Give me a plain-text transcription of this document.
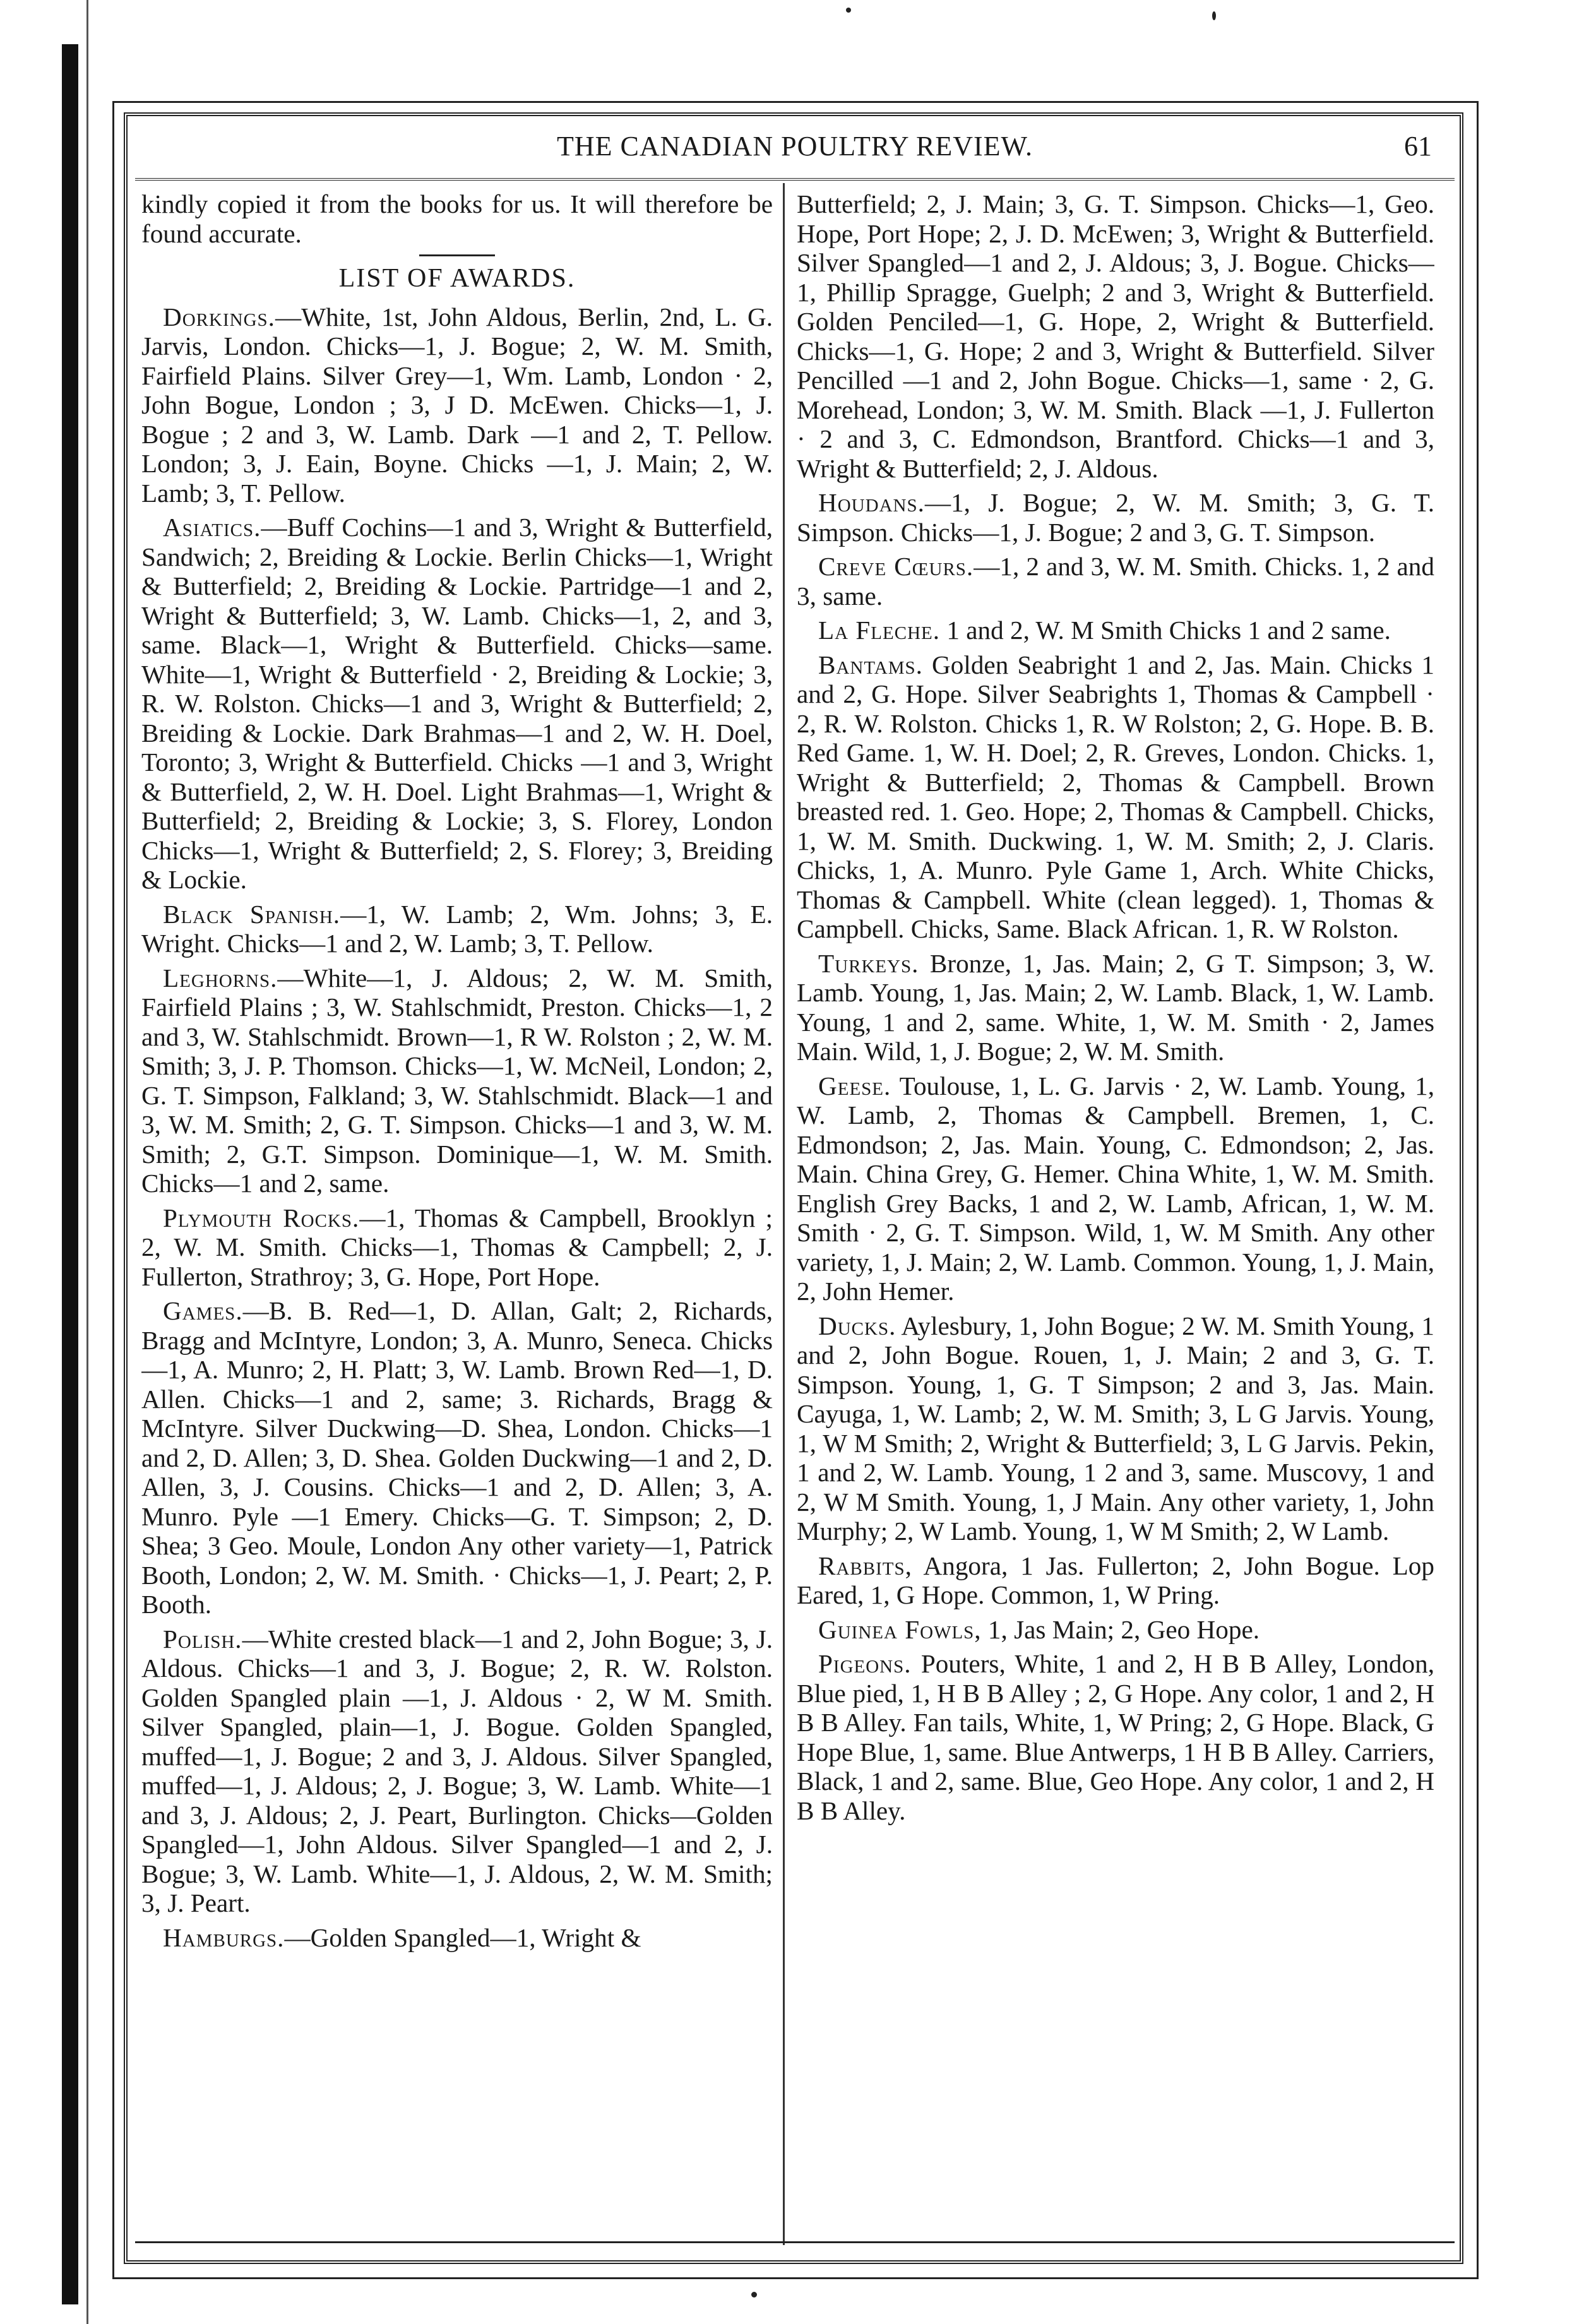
THE CANADIAN POULTRY REVIEW.	61

kindly copied it from the books for us. It will therefore be found accurate.

LIST OF AWARDS.

Dorkings.—White, 1st, John Aldous, Berlin, 2nd, L. G. Jarvis, London. Chicks—1, J. Bogue; 2, W. M. Smith, Fairfield Plains. Silver Grey—1, Wm. Lamb, London · 2, John Bogue, London ; 3, J D. McEwen. Chicks—1, J. Bogue ; 2 and 3, W. Lamb. Dark —1 and 2, T. Pellow. London; 3, J. Eain, Boyne. Chicks —1, J. Main; 2, W. Lamb; 3, T. Pellow.

Asiatics.—Buff Cochins—1 and 3, Wright & Butterfield, Sandwich; 2, Breiding & Lockie. Berlin Chicks—1, Wright & Butterfield; 2, Breiding & Lockie. Partridge—1 and 2, Wright & Butterfield; 3, W. Lamb. Chicks—1, 2, and 3, same. Black—1, Wright & Butterfield. Chicks—same. White—1, Wright & Butterfield · 2, Breiding & Lockie; 3, R. W. Rolston. Chicks—1 and 3, Wright & Butterfield; 2, Breiding & Lockie. Dark Brahmas—1 and 2, W. H. Doel, Toronto; 3, Wright & Butterfield. Chicks —1 and 3, Wright & Butterfield, 2, W. H. Doel. Light Brahmas—1, Wright & Butterfield; 2, Breiding & Lockie; 3, S. Florey, London Chicks—1, Wright & Butterfield; 2, S. Florey; 3, Breiding & Lockie.

Black Spanish.—1, W. Lamb; 2, Wm. Johns; 3, E. Wright. Chicks—1 and 2, W. Lamb; 3, T. Pellow.

Leghorns.—White—1, J. Aldous; 2, W. M. Smith, Fairfield Plains ; 3, W. Stahlschmidt, Preston. Chicks—1, 2 and 3, W. Stahlschmidt. Brown—1, R W. Rolston ; 2, W. M. Smith; 3, J. P. Thomson. Chicks—1, W. McNeil, London; 2, G. T. Simpson, Falkland; 3, W. Stahlschmidt. Black—1 and 3, W. M. Smith; 2, G. T. Simpson. Chicks—1 and 3, W. M. Smith; 2, G.T. Simpson. Dominique—1, W. M. Smith. Chicks—1 and 2, same.

Plymouth Rocks.—1, Thomas & Campbell, Brooklyn ; 2, W. M. Smith. Chicks—1, Thomas & Campbell; 2, J. Fullerton, Strathroy; 3, G. Hope, Port Hope.

Games.—B. B. Red—1, D. Allan, Galt; 2, Richards, Bragg and McIntyre, London; 3, A. Munro, Seneca. Chicks—1, A. Munro; 2, H. Platt; 3, W. Lamb. Brown Red—1, D. Allen. Chicks—1 and 2, same; 3. Richards, Bragg & McIntyre. Silver Duckwing—D. Shea, London. Chicks—1 and 2, D. Allen; 3, D. Shea. Golden Duckwing—1 and 2, D. Allen, 3, J. Cousins. Chicks—1 and 2, D. Allen; 3, A. Munro. Pyle —1 Emery. Chicks—G. T. Simpson; 2, D. Shea; 3 Geo. Moule, London Any other variety—1, Patrick Booth, London; 2, W. M. Smith. · Chicks—1, J. Peart; 2, P. Booth.

Polish.—White crested black—1 and 2, John Bogue; 3, J. Aldous. Chicks—1 and 3, J. Bogue; 2, R. W. Rolston. Golden Spangled plain —1, J. Aldous · 2, W M. Smith. Silver Spangled, plain—1, J. Bogue. Golden Spangled, muffed—1, J. Bogue; 2 and 3, J. Aldous. Silver Spangled, muffed—1, J. Aldous; 2, J. Bogue; 3, W. Lamb. White—1 and 3, J. Aldous; 2, J. Peart, Burlington. Chicks—Golden Spangled—1, John Aldous. Silver Spangled—1 and 2, J. Bogue; 3, W. Lamb. White—1, J. Aldous, 2, W. M. Smith; 3, J. Peart.

Hamburgs.—Golden Spangled—1, Wright &

Butterfield; 2, J. Main; 3, G. T. Simpson. Chicks—1, Geo. Hope, Port Hope; 2, J. D. McEwen; 3, Wright & Butterfield. Silver Spangled—1 and 2, J. Aldous; 3, J. Bogue. Chicks—1, Phillip Spragge, Guelph; 2 and 3, Wright & Butterfield. Golden Penciled—1, G. Hope, 2, Wright & Butterfield. Chicks—1, G. Hope; 2 and 3, Wright & Butterfield. Silver Pencilled —1 and 2, John Bogue. Chicks—1, same · 2, G. Morehead, London; 3, W. M. Smith. Black —1, J. Fullerton · 2 and 3, C. Edmondson, Brantford. Chicks—1 and 3, Wright & Butterfield; 2, J. Aldous.

Houdans.—1, J. Bogue; 2, W. M. Smith; 3, G. T. Simpson. Chicks—1, J. Bogue; 2 and 3, G. T. Simpson.

Creve Cœurs.—1, 2 and 3, W. M. Smith. Chicks. 1, 2 and 3, same.

La Fleche. 1 and 2, W. M Smith Chicks 1 and 2 same.

Bantams. Golden Seabright 1 and 2, Jas. Main. Chicks 1 and 2, G. Hope. Silver Seabrights 1, Thomas & Campbell · 2, R. W. Rolston. Chicks 1, R. W Rolston; 2, G. Hope. B. B. Red Game. 1, W. H. Doel; 2, R. Greves, London. Chicks. 1, Wright & Butterfield; 2, Thomas & Campbell. Brown breasted red. 1. Geo. Hope; 2, Thomas & Campbell. Chicks, 1, W. M. Smith. Duckwing. 1, W. M. Smith; 2, J. Claris. Chicks, 1, A. Munro. Pyle Game 1, Arch. White Chicks, Thomas & Campbell. White (clean legged). 1, Thomas & Campbell. Chicks, Same. Black African. 1, R. W Rolston.

Turkeys. Bronze, 1, Jas. Main; 2, G T. Simpson; 3, W. Lamb. Young, 1, Jas. Main; 2, W. Lamb. Black, 1, W. Lamb. Young, 1 and 2, same. White, 1, W. M. Smith · 2, James Main. Wild, 1, J. Bogue; 2, W. M. Smith.

Geese. Toulouse, 1, L. G. Jarvis · 2, W. Lamb. Young, 1, W. Lamb, 2, Thomas & Campbell. Bremen, 1, C. Edmondson; 2, Jas. Main. Young, C. Edmondson; 2, Jas. Main. China Grey, G. Hemer. China White, 1, W. M. Smith. English Grey Backs, 1 and 2, W. Lamb, African, 1, W. M. Smith · 2, G. T. Simpson. Wild, 1, W. M Smith. Any other variety, 1, J. Main; 2, W. Lamb. Common. Young, 1, J. Main, 2, John Hemer.

Ducks. Aylesbury, 1, John Bogue; 2 W. M. Smith Young, 1 and 2, John Bogue. Rouen, 1, J. Main; 2 and 3, G. T. Simpson. Young, 1, G. T Simpson; 2 and 3, Jas. Main. Cayuga, 1, W. Lamb; 2, W. M. Smith; 3, L G Jarvis. Young, 1, W M Smith; 2, Wright & Butterfield; 3, L G Jarvis. Pekin, 1 and 2, W. Lamb. Young, 1 2 and 3, same. Muscovy, 1 and 2, W M Smith. Young, 1, J Main. Any other variety, 1, John Murphy; 2, W Lamb. Young, 1, W M Smith; 2, W Lamb.

Rabbits, Angora, 1 Jas. Fullerton; 2, John Bogue. Lop Eared, 1, G Hope. Common, 1, W Pring.

Guinea Fowls, 1, Jas Main; 2, Geo Hope.

Pigeons. Pouters, White, 1 and 2, H B B Alley, London, Blue pied, 1, H B B Alley ; 2, G Hope. Any color, 1 and 2, H B B Alley. Fan tails, White, 1, W Pring; 2, G Hope. Black, G Hope Blue, 1, same. Blue Antwerps, 1 H B B Alley. Carriers, Black, 1 and 2, same. Blue, Geo Hope. Any color, 1 and 2, H B B Alley.
